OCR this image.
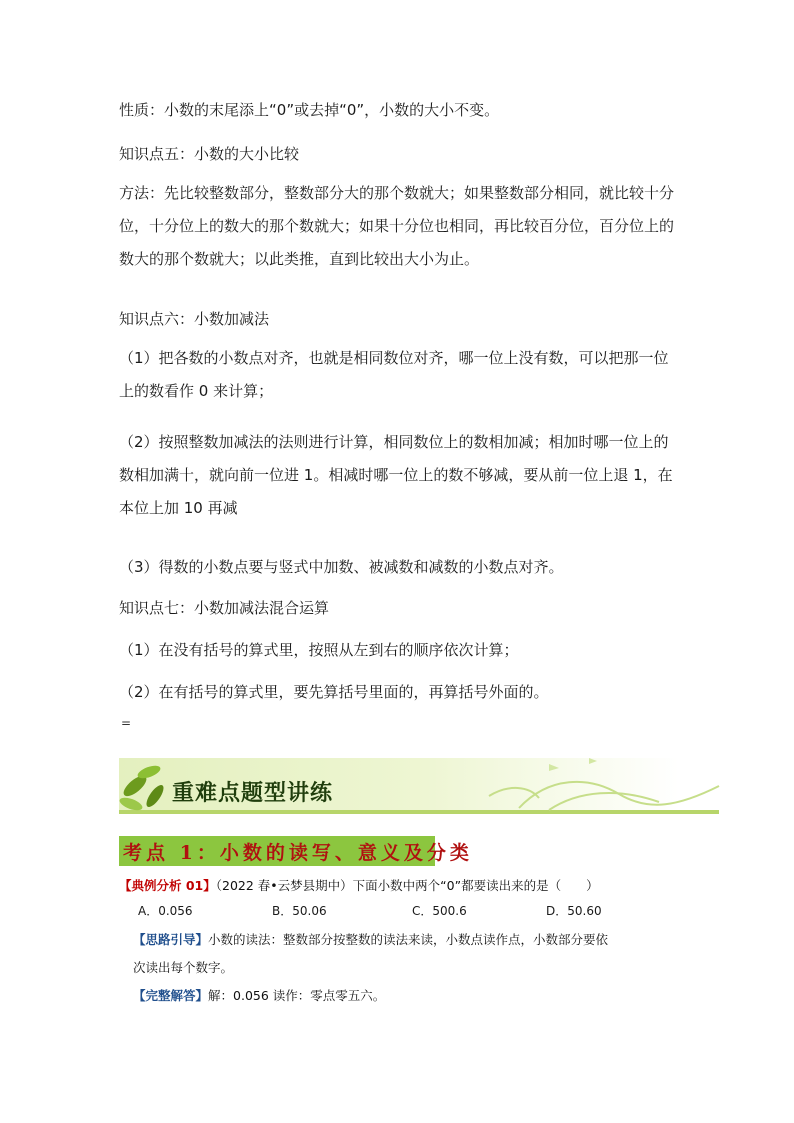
性质：小数的末尾添上“0”或去掉“0”，小数的大小不变。

知识点五：小数的大小比较

方法：先比较整数部分，整数部分大的那个数就大；如果整数部分相同，就比较十分位，十分位上的数大的那个数就大；如果十分位也相同，再比较百分位，百分位上的数大的那个数就大；以此类推，直到比较出大小为止。

知识点六：小数加减法

（1）把各数的小数点对齐，也就是相同数位对齐，哪一位上没有数，可以把那一位上的数看作 0 来计算；

（2）按照整数加减法的法则进行计算，相同数位上的数相加减；相加时哪一位上的数相加满十，就向前一位进 1。相减时哪一位上的数不够减，要从前一位上退 1，在本位上加 10 再减

（3）得数的小数点要与竖式中加数、被减数和减数的小数点对齐。

知识点七：小数加减法混合运算

（1）在没有括号的算式里，按照从左到右的顺序依次计算；

（2）在有括号的算式里，要先算括号里面的，再算括号外面的。

=
重难点题型讲练
考点 1：小数的读写、意义及分类
【典例分析 01】（2022 春•云梦县期中）下面小数中两个“0”都要读出来的是（　　）
A．0.056	B．50.06	C．500.6	D．50.60
【思路引导】小数的读法：整数部分按整数的读法来读，小数点读作点，小数部分要依
次读出每个数字。
【完整解答】解：0.056 读作：零点零五六。
